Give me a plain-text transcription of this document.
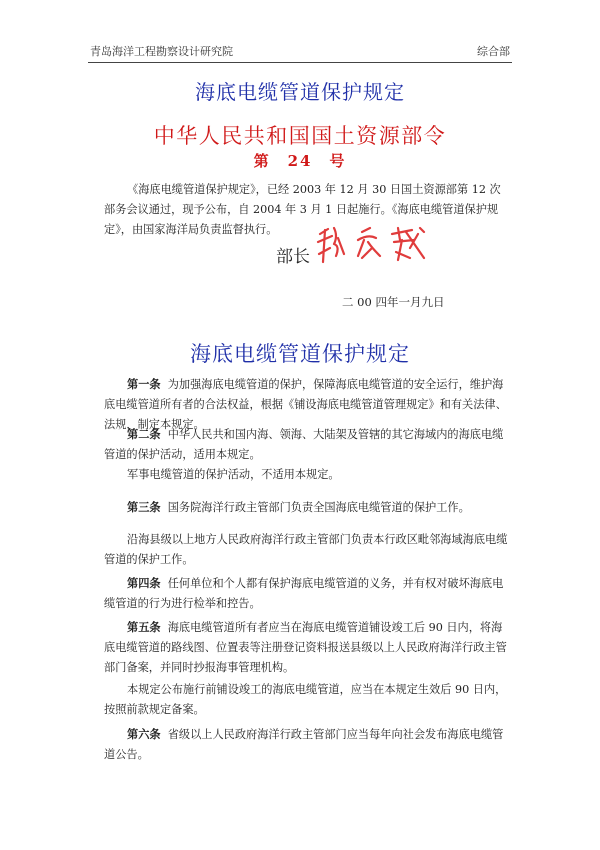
青岛海洋工程勘察设计研究院	综合部
海底电缆管道保护规定
中华人民共和国国土资源部令
第　24　号
《海底电缆管道保护规定》，已经 2003 年 12 月 30 日国土资源部第 12 次部务会议通过，现予公布，自 2004 年 3 月 1 日起施行。《海底电缆管道保护规定》，由国家海洋局负责监督执行。
部长
二 00 四年一月九日
海底电缆管道保护规定
第一条 为加强海底电缆管道的保护，保障海底电缆管道的安全运行，维护海底电缆管道所有者的合法权益，根据《铺设海底电缆管道管理规定》和有关法律、法规，制定本规定。
第二条 中华人民共和国内海、领海、大陆架及管辖的其它海域内的海底电缆管道的保护活动，适用本规定。
军事电缆管道的保护活动，不适用本规定。
第三条 国务院海洋行政主管部门负责全国海底电缆管道的保护工作。
沿海县级以上地方人民政府海洋行政主管部门负责本行政区毗邻海域海底电缆管道的保护工作。
第四条 任何单位和个人都有保护海底电缆管道的义务，并有权对破坏海底电缆管道的行为进行检举和控告。
第五条 海底电缆管道所有者应当在海底电缆管道铺设竣工后 90 日内，将海底电缆管道的路线图、位置表等注册登记资料报送县级以上人民政府海洋行政主管部门备案，并同时抄报海事管理机构。
本规定公布施行前铺设竣工的海底电缆管道，应当在本规定生效后 90 日内，按照前款规定备案。
第六条 省级以上人民政府海洋行政主管部门应当每年向社会发布海底电缆管道公告。
